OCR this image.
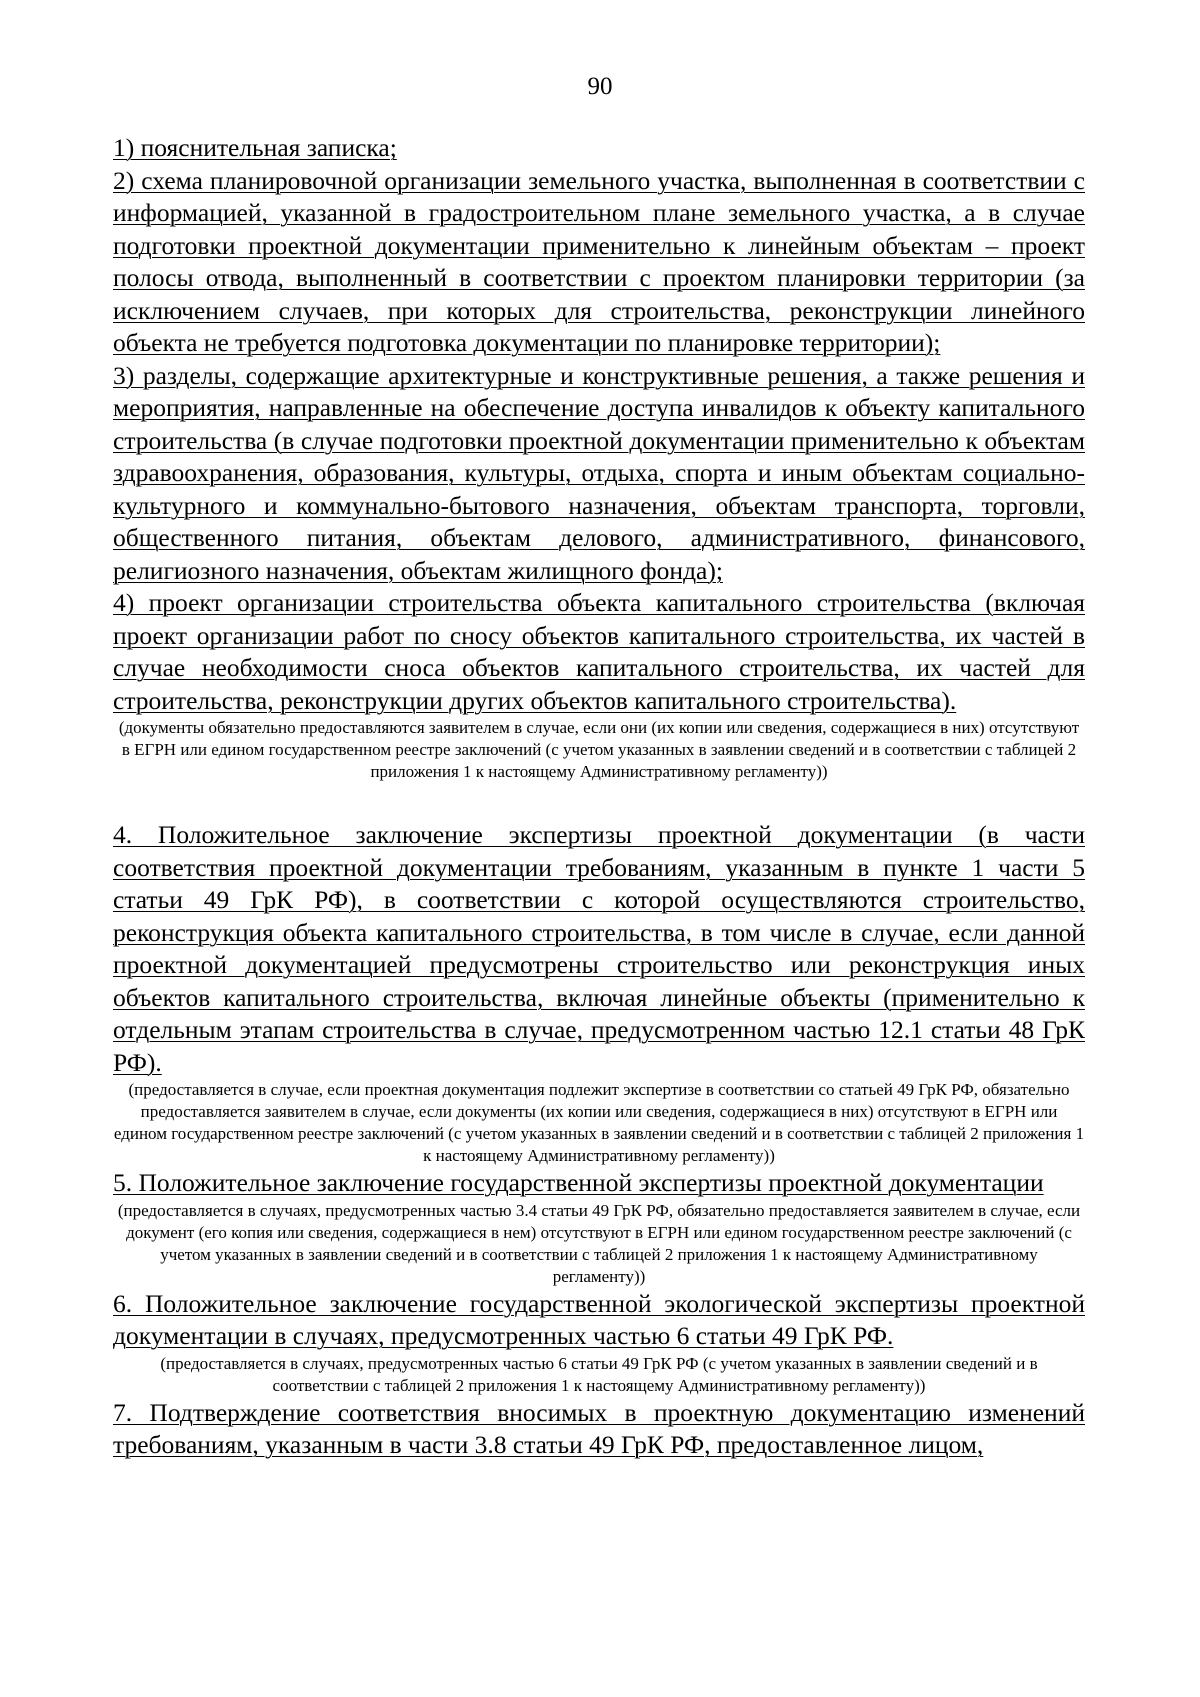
90

1) пояснительная записка;

2) схема планировочной организации земельного участка, выполненная в соответствии с информацией, указанной в градостроительном плане земельного участка, а в случае подготовки проектной документации применительно к линейным объектам – проект полосы отвода, выполненный в соответствии с проектом планировки территории (за исключением случаев, при которых для строительства, реконструкции линейного объекта не требуется подготовка документации по планировке территории);

3) разделы, содержащие архитектурные и конструктивные решения, а также решения и мероприятия, направленные на обеспечение доступа инвалидов к объекту капитального строительства (в случае подготовки проектной документации применительно к объектам здравоохранения, образования, культуры, отдыха, спорта и иным объектам социально-культурного и коммунально-бытового назначения, объектам транспорта, торговли, общественного питания, объектам делового, административного, финансового, религиозного назначения, объектам жилищного фонда);

4) проект организации строительства объекта капитального строительства (включая проект организации работ по сносу объектов капитального строительства, их частей в случае необходимости сноса объектов капитального строительства, их частей для строительства, реконструкции других объектов капитального строительства).

(документы обязательно предоставляются заявителем в случае, если они (их копии или сведения, содержащиеся в них) отсутствуют в ЕГРН или едином государственном реестре заключений (с учетом указанных в заявлении сведений и в соответствии с таблицей 2 приложения 1 к настоящему Административному регламенту))

4. Положительное заключение экспертизы проектной документации (в части соответствия проектной документации требованиям, указанным в пункте 1 части 5 статьи 49 ГрК РФ), в соответствии с которой осуществляются строительство, реконструкция объекта капитального строительства, в том числе в случае, если данной проектной документацией предусмотрены строительство или реконструкция иных объектов капитального строительства, включая линейные объекты (применительно к отдельным этапам строительства в случае, предусмотренном частью 12.1 статьи 48 ГрК РФ).

(предоставляется в случае, если проектная документация подлежит экспертизе в соответствии со статьей 49 ГрК РФ, обязательно предоставляется заявителем в случае, если документы (их копии или сведения, содержащиеся в них) отсутствуют в ЕГРН или едином государственном реестре заключений (с учетом указанных в заявлении сведений и в соответствии с таблицей 2 приложения 1 к настоящему Административному регламенту))

5. Положительное заключение государственной экспертизы проектной документации

(предоставляется в случаях, предусмотренных частью 3.4 статьи 49 ГрК РФ, обязательно предоставляется заявителем в случае, если документ (его копия или сведения, содержащиеся в нем) отсутствуют в ЕГРН или едином государственном реестре заключений (с учетом указанных в заявлении сведений и в соответствии с таблицей 2 приложения 1 к настоящему Административному регламенту))

6. Положительное заключение государственной экологической экспертизы проектной документации в случаях, предусмотренных частью 6 статьи 49 ГрК РФ.

(предоставляется в случаях, предусмотренных частью 6 статьи 49 ГрК РФ (с учетом указанных в заявлении сведений и в соответствии с таблицей 2 приложения 1 к настоящему Административному регламенту))

7. Подтверждение соответствия вносимых в проектную документацию изменений требованиям, указанным в части 3.8 статьи 49 ГрК РФ, предоставленное лицом,
